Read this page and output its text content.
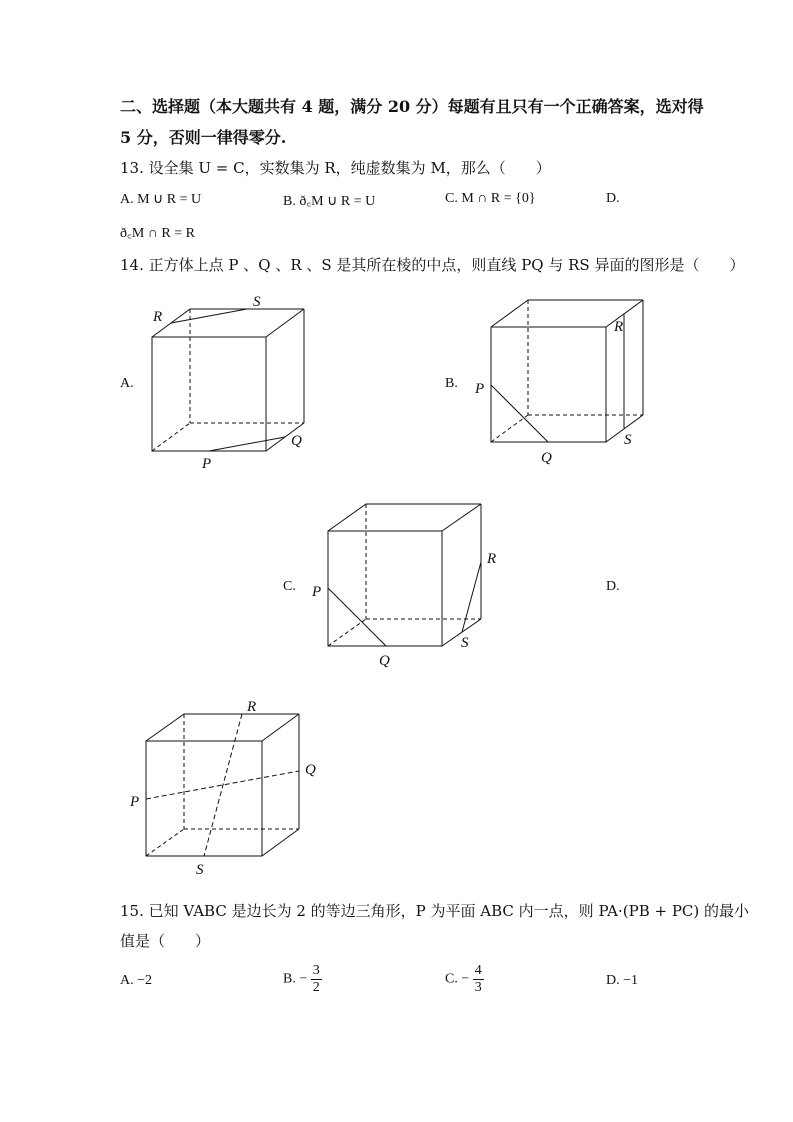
二、选择题（本大题共有 4 题，满分 20 分）每题有且只有一个正确答案，选对得
5 分，否则一律得零分.
13. 设全集 U = C，实数集为 R，纯虚数集为 M，那么（　　）
A. M ∪ R = U	B. ð꜀M ∪ R = U	C. M ∩ R = {0}	D.
ð꜀M ∩ R = R
14. 正方体上点 P 、Q 、R 、S 是其所在棱的中点，则直线 PQ 与 RS 异面的图形是（　　）
A.
R
S
P
Q
B. P
Q
R
S
C. P
Q
R
S
D.
P
Q
R
S
15. 已知 VABC 是边长为 2 的等边三角形，P 为平面 ABC 内一点，则 PA·(PB + PC) 的最小
值是（　　）
A. −2	B. − $\frac{3}{2}$	C. − $\frac{4}{3}$	D. −1
